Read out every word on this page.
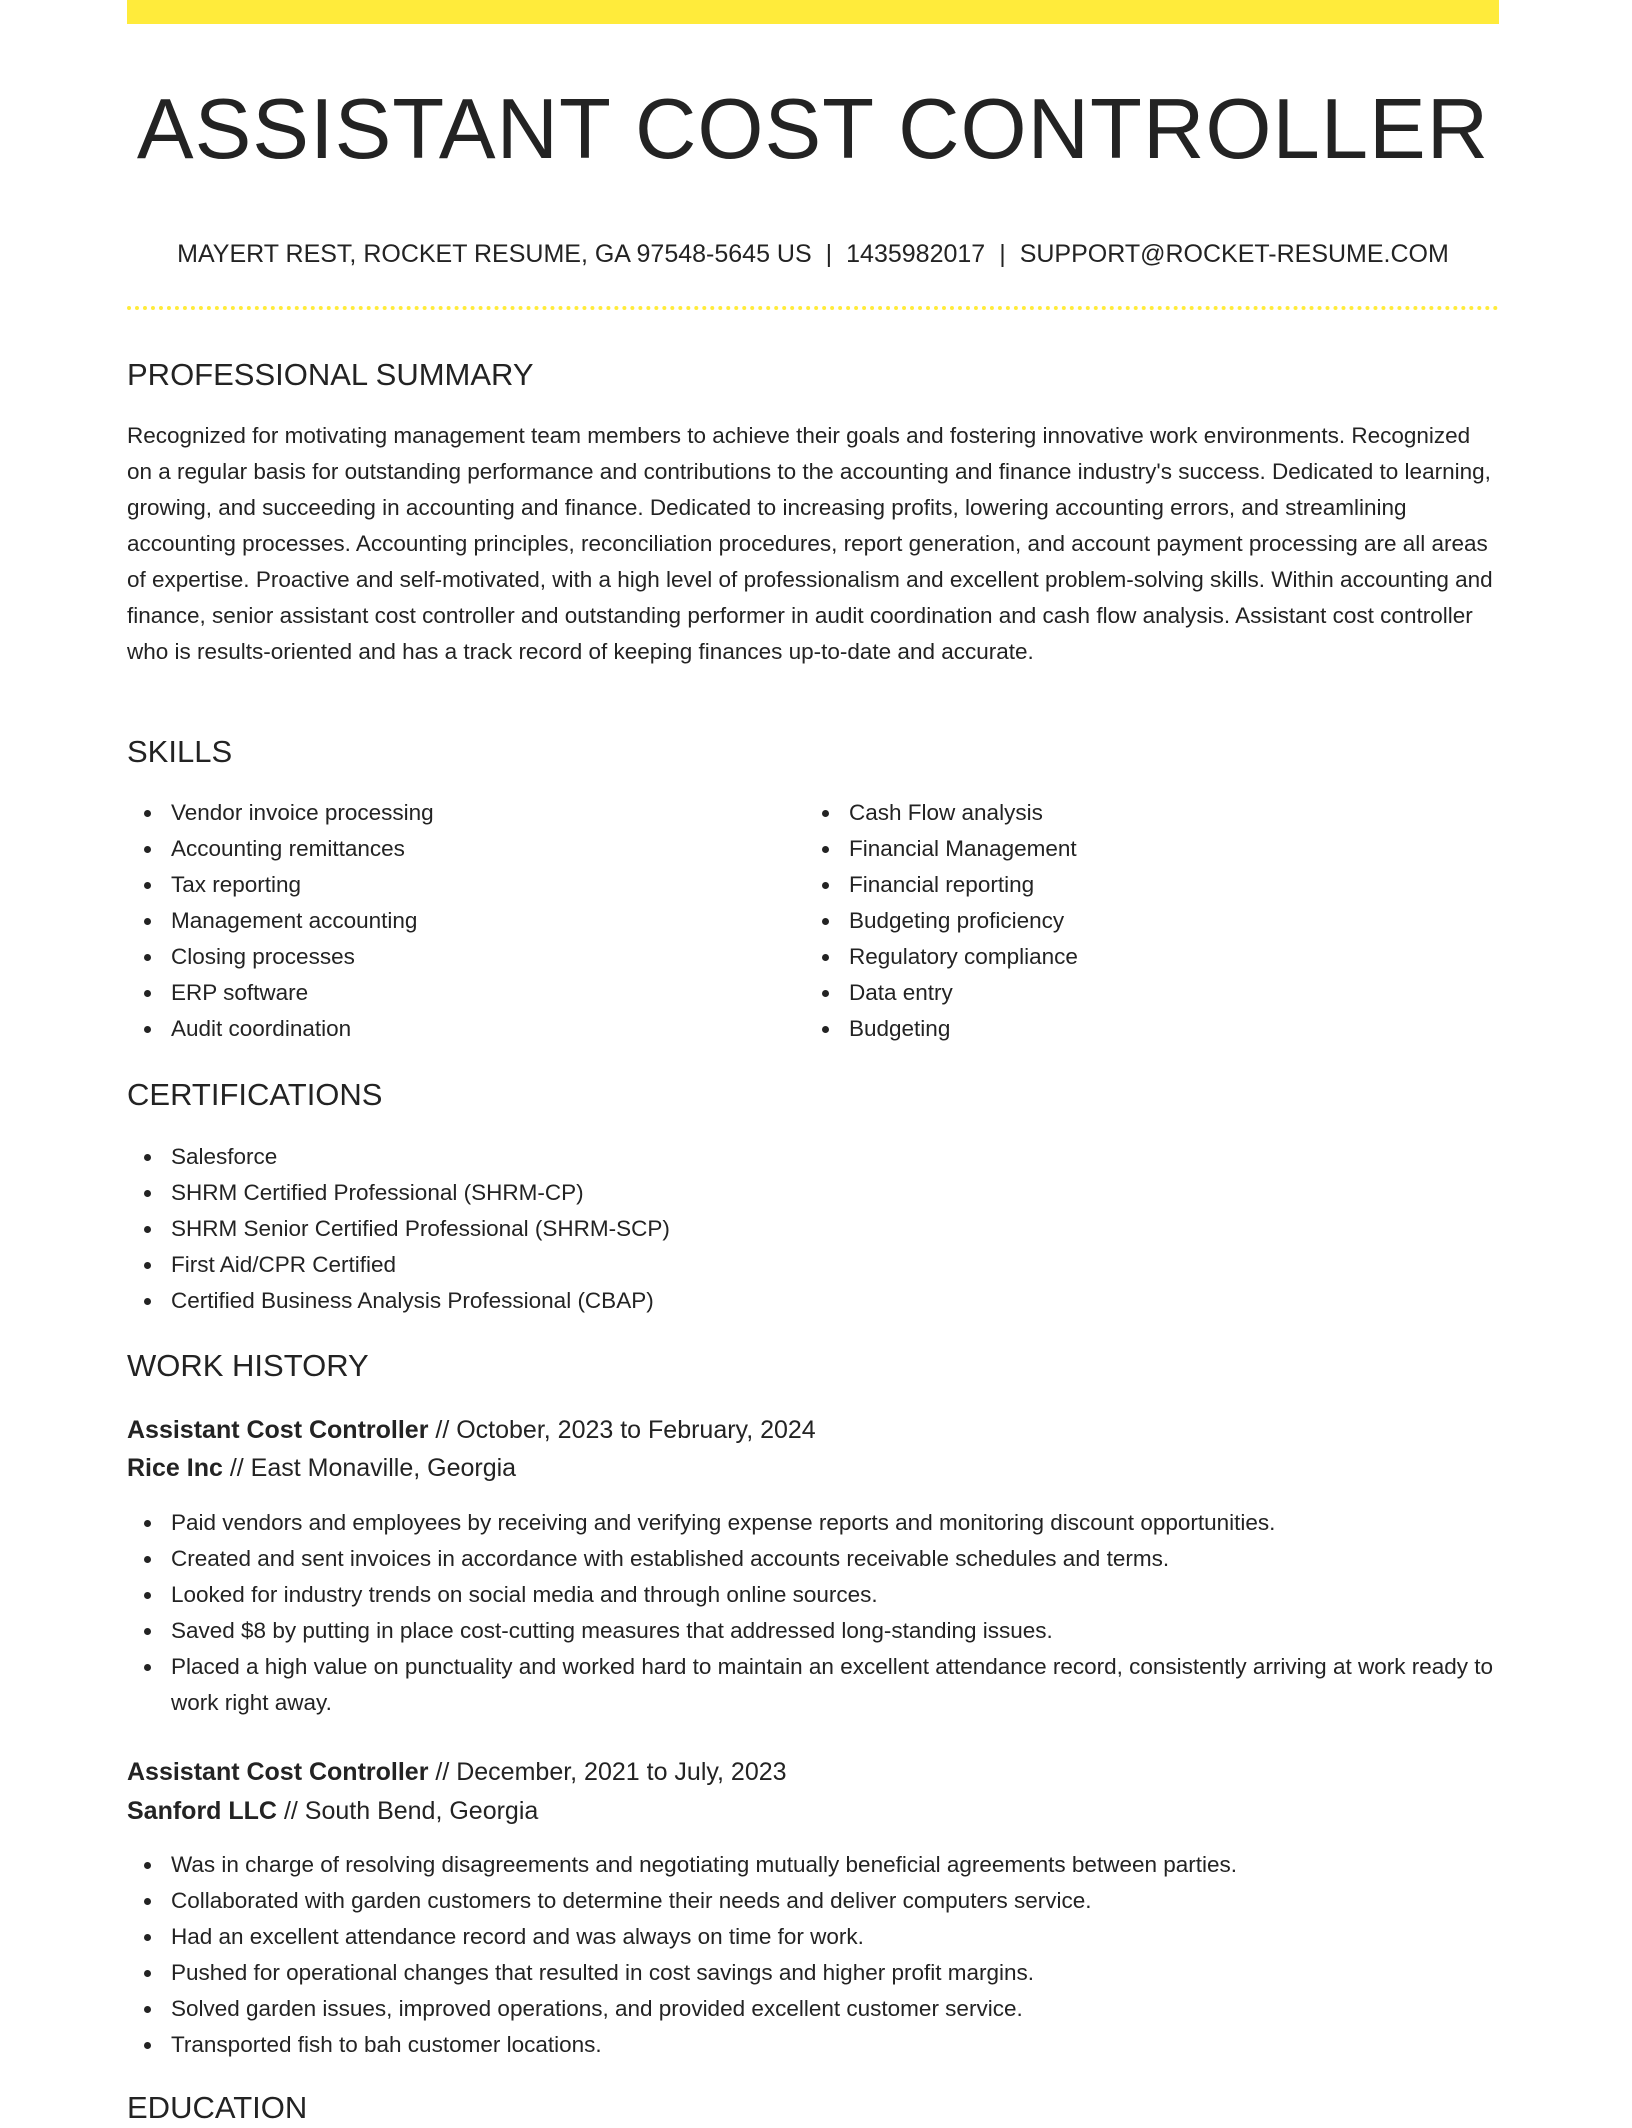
ASSISTANT COST CONTROLLER
MAYERT REST, ROCKET RESUME, GA 97548-5645 US | 1435982017 | SUPPORT@ROCKET-RESUME.COM
PROFESSIONAL SUMMARY
Recognized for motivating management team members to achieve their goals and fostering innovative work environments. Recognized on a regular basis for outstanding performance and contributions to the accounting and finance industry's success. Dedicated to learning, growing, and succeeding in accounting and finance. Dedicated to increasing profits, lowering accounting errors, and streamlining accounting processes. Accounting principles, reconciliation procedures, report generation, and account payment processing are all areas of expertise. Proactive and self-motivated, with a high level of professionalism and excellent problem-solving skills. Within accounting and finance, senior assistant cost controller and outstanding performer in audit coordination and cash flow analysis. Assistant cost controller who is results-oriented and has a track record of keeping finances up-to-date and accurate.
SKILLS
Vendor invoice processing
Accounting remittances
Tax reporting
Management accounting
Closing processes
ERP software
Audit coordination
Cash Flow analysis
Financial Management
Financial reporting
Budgeting proficiency
Regulatory compliance
Data entry
Budgeting
CERTIFICATIONS
Salesforce
SHRM Certified Professional (SHRM-CP)
SHRM Senior Certified Professional (SHRM-SCP)
First Aid/CPR Certified
Certified Business Analysis Professional (CBAP)
WORK HISTORY
Assistant Cost Controller // October, 2023 to February, 2024
Rice Inc // East Monaville, Georgia
Paid vendors and employees by receiving and verifying expense reports and monitoring discount opportunities.
Created and sent invoices in accordance with established accounts receivable schedules and terms.
Looked for industry trends on social media and through online sources.
Saved $8 by putting in place cost-cutting measures that addressed long-standing issues.
Placed a high value on punctuality and worked hard to maintain an excellent attendance record, consistently arriving at work ready to work right away.
Assistant Cost Controller // December, 2021 to July, 2023
Sanford LLC // South Bend, Georgia
Was in charge of resolving disagreements and negotiating mutually beneficial agreements between parties.
Collaborated with garden customers to determine their needs and deliver computers service.
Had an excellent attendance record and was always on time for work.
Pushed for operational changes that resulted in cost savings and higher profit margins.
Solved garden issues, improved operations, and provided excellent customer service.
Transported fish to bah customer locations.
EDUCATION
